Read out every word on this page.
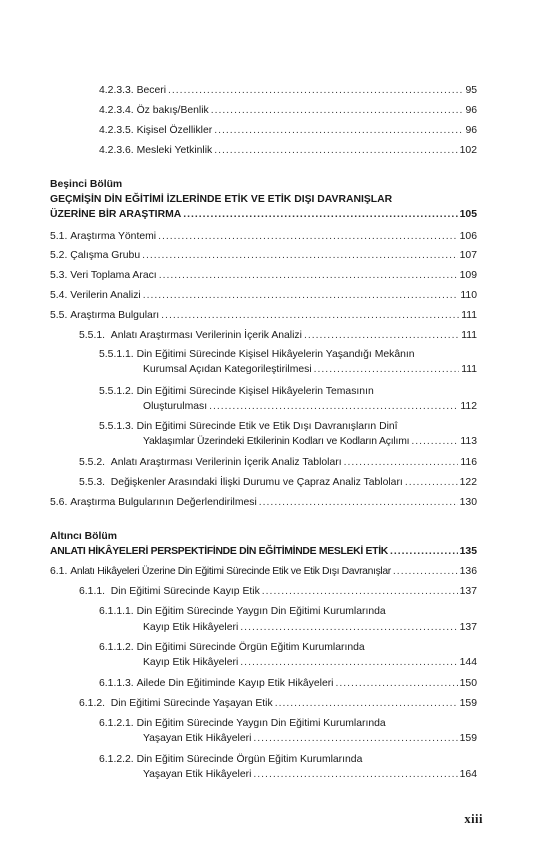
4.2.3.3.
Beceri .....	95
4.2.3.4.
Öz bakış/Benlik .....	96
4.2.3.5.
Kişisel Özellikler .....	96
4.2.3.6.
Mesleki Yetkinlik .....	102
Beşinci Bölüm
GEÇMİŞİN DİN EĞİTİMİ İZLERİNDE ETİK VE ETİK DIŞI DAVRANIŞLAR
ÜZERİNE BİR ARAŞTIRMA .....	105
5.1.
Araştırma Yöntemi .....	106
5.2.
Çalışma Grubu .....	107
5.3.
Veri Toplama Aracı .....	109
5.4.
Verilerin Analizi .....	110
5.5.
Araştırma Bulguları .....	111
5.5.1.
Anlatı Araştırması Verilerinin İçerik Analizi .....	111
5.5.1.1. Din Eğitimi Sürecinde Kişisel Hikâyelerin Yaşandığı Mekânın
Kurumsal Açıdan Kategorileştirilmesi .....	111
5.5.1.2. Din Eğitimi Sürecinde Kişisel Hikâyelerin Temasının
Oluşturulması .....	112
5.5.1.3. Din Eğitimi Sürecinde Etik ve Etik Dışı Davranışların Dinî
Yaklaşımlar Üzerindeki Etkilerinin Kodları ve Kodların Açılımı .....	113
5.5.2.
Anlatı Araştırması Verilerinin İçerik Analiz Tabloları .....	116
5.5.3.
Değişkenler Arasındaki İlişki Durumu ve Çapraz Analiz Tabloları .....	122
5.6.
Araştırma Bulgularının Değerlendirilmesi .....	130
Altıncı Bölüm
ANLATI HİKÂYELERİ PERSPEKTİFİNDE DİN EĞİTİMİNDE MESLEKİ ETİK .....	135
6.1.
Anlatı Hikâyeleri Üzerine Din Eğitimi Sürecinde Etik ve Etik Dışı Davranışlar .....	136
6.1.1.
Din Eğitimi Sürecinde Kayıp Etik .....	137
6.1.1.1. Din Eğitim Sürecinde Yaygın Din Eğitimi Kurumlarında
Kayıp Etik Hikâyeleri .....	137
6.1.1.2. Din Eğitimi Sürecinde Örgün Eğitim Kurumlarında
Kayıp Etik Hikâyeleri .....	144
6.1.1.3.
Ailede Din Eğitiminde Kayıp Etik Hikâyeleri .....	150
6.1.2.
Din Eğitimi Sürecinde Yaşayan Etik .....	159
6.1.2.1. Din Eğitim Sürecinde Yaygın Din Eğitimi Kurumlarında
Yaşayan Etik Hikâyeleri .....	159
6.1.2.2. Din Eğitim Sürecinde Örgün Eğitim Kurumlarında
Yaşayan Etik Hikâyeleri .....	164
xiii
